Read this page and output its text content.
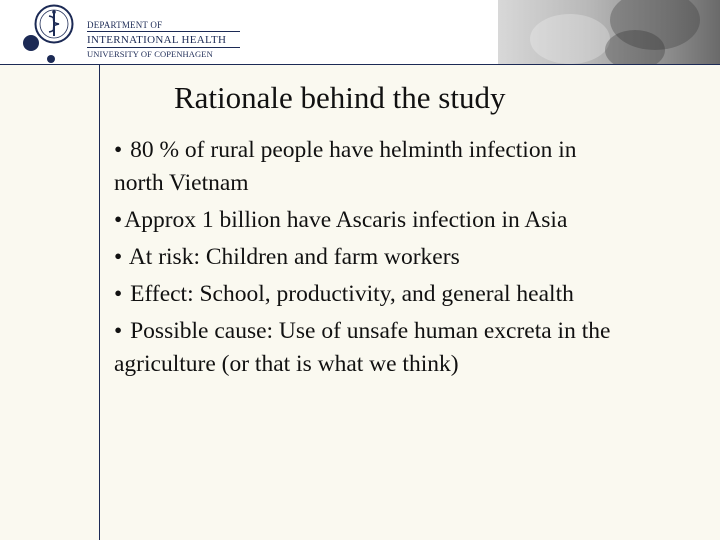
DEPARTMENT OF
INTERNATIONAL HEALTH
UNIVERSITY OF COPENHAGEN
Rationale behind the study
• 80 % of rural people have helminth infection in north Vietnam
•Approx 1 billion have Ascaris infection in Asia
• At risk: Children and farm workers
• Effect: School, productivity, and general health
• Possible cause: Use of unsafe human excreta in the agriculture (or that is what we think)
